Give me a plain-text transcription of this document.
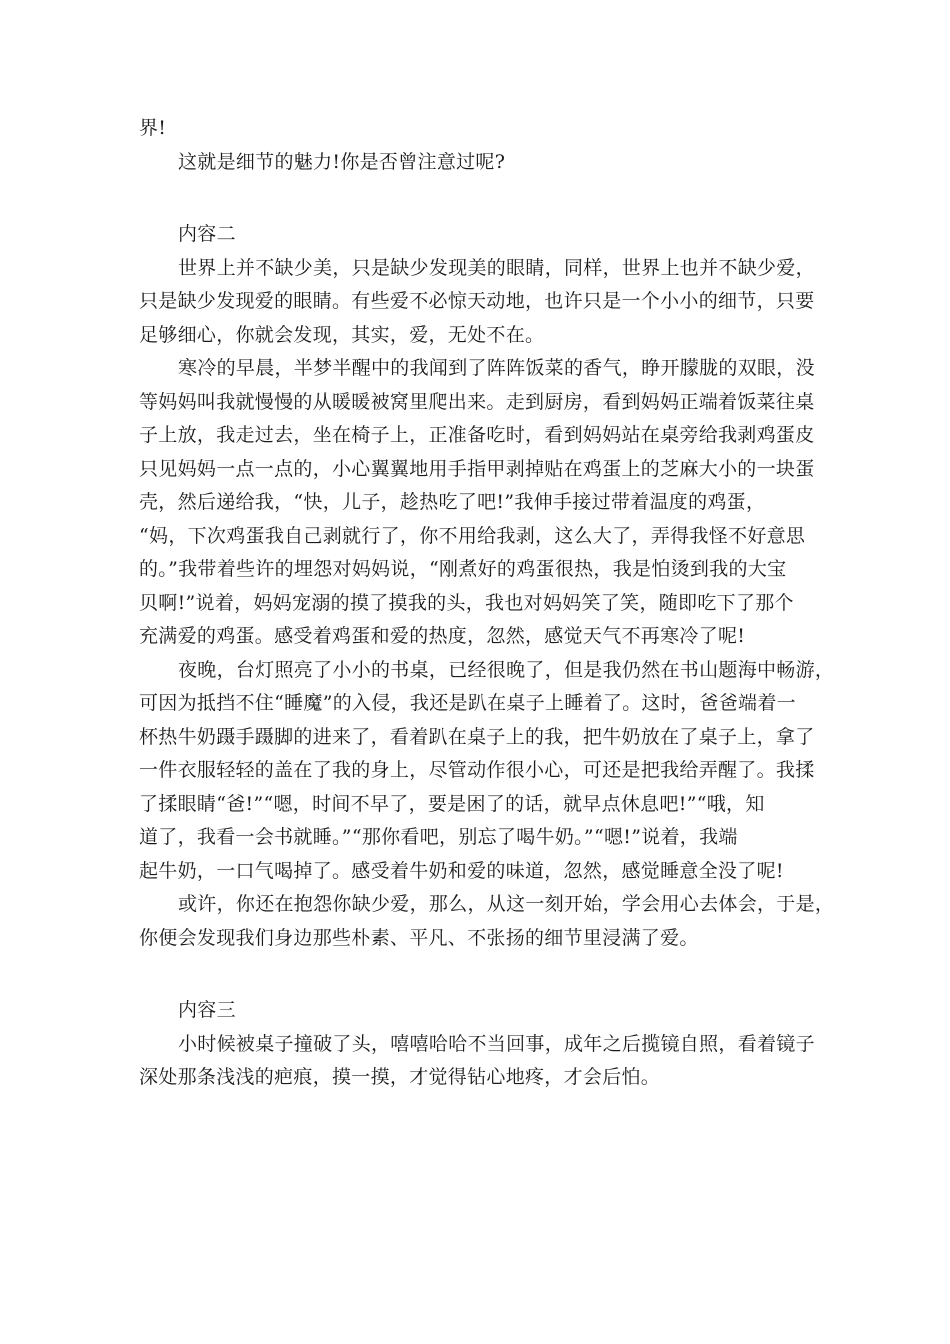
界!
这就是细节的魅力!你是否曾注意过呢?
内容二
世界上并不缺少美，只是缺少发现美的眼睛，同样，世界上也并不缺少爱，
只是缺少发现爱的眼睛。有些爱不必惊天动地，也许只是一个小小的细节，只要
足够细心，你就会发现，其实，爱，无处不在。
寒冷的早晨，半梦半醒中的我闻到了阵阵饭菜的香气，睁开朦胧的双眼，没
等妈妈叫我就慢慢的从暖暖被窝里爬出来。走到厨房，看到妈妈正端着饭菜往桌
子上放，我走过去，坐在椅子上，正准备吃时，看到妈妈站在桌旁给我剥鸡蛋皮
只见妈妈一点一点的，小心翼翼地用手指甲剥掉贴在鸡蛋上的芝麻大小的一块蛋
壳，然后递给我，“快，儿子，趁热吃了吧!”我伸手接过带着温度的鸡蛋，
“妈，下次鸡蛋我自己剥就行了，你不用给我剥，这么大了，弄得我怪不好意思
的。”我带着些许的埋怨对妈妈说，“刚煮好的鸡蛋很热，我是怕烫到我的大宝
贝啊!”说着，妈妈宠溺的摸了摸我的头，我也对妈妈笑了笑，随即吃下了那个
充满爱的鸡蛋。感受着鸡蛋和爱的热度，忽然，感觉天气不再寒冷了呢!
夜晚，台灯照亮了小小的书桌，已经很晚了，但是我仍然在书山题海中畅游，
可因为抵挡不住“睡魔”的入侵，我还是趴在桌子上睡着了。这时，爸爸端着一
杯热牛奶蹑手蹑脚的进来了，看着趴在桌子上的我，把牛奶放在了桌子上，拿了
一件衣服轻轻的盖在了我的身上，尽管动作很小心，可还是把我给弄醒了。我揉
了揉眼睛“爸!”“嗯，时间不早了，要是困了的话，就早点休息吧!”“哦，知
道了，我看一会书就睡。”“那你看吧，别忘了喝牛奶。”“嗯!”说着，我端
起牛奶，一口气喝掉了。感受着牛奶和爱的味道，忽然，感觉睡意全没了呢!
或许，你还在抱怨你缺少爱，那么，从这一刻开始，学会用心去体会，于是，
你便会发现我们身边那些朴素、平凡、不张扬的细节里浸满了爱。
内容三
小时候被桌子撞破了头，嘻嘻哈哈不当回事，成年之后揽镜自照，看着镜子
深处那条浅浅的疤痕，摸一摸，才觉得钻心地疼，才会后怕。
